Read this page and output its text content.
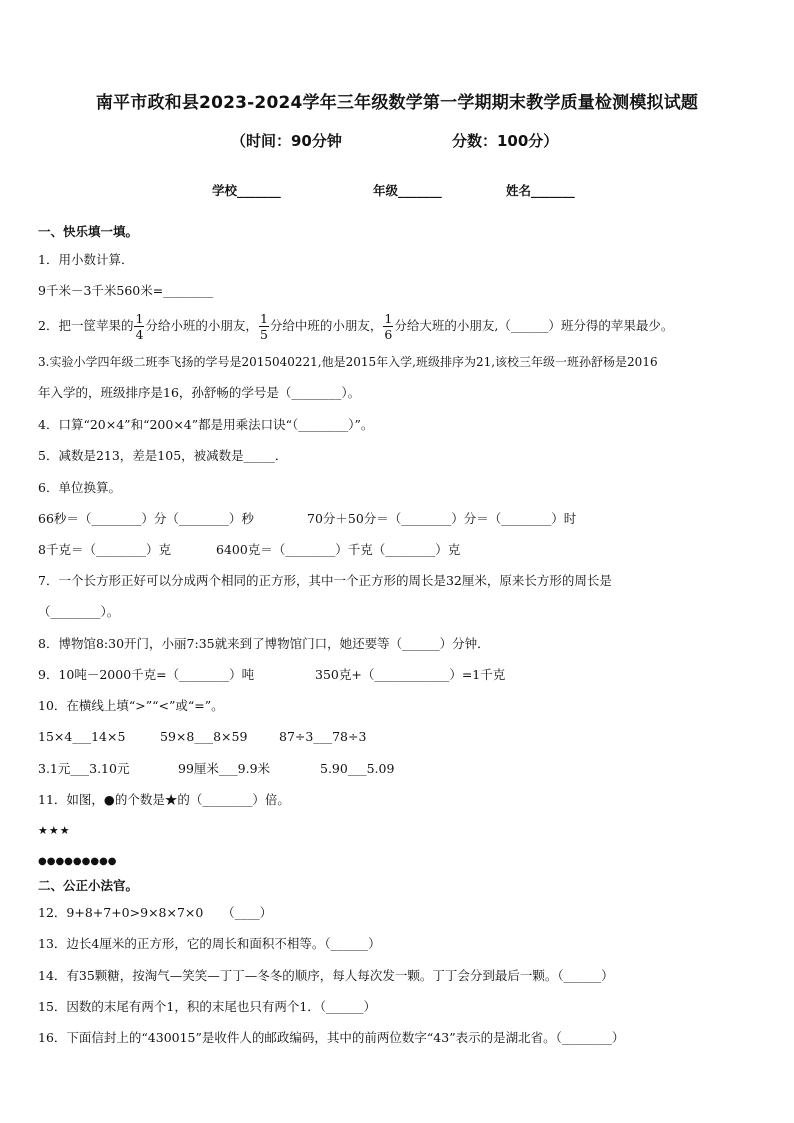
南平市政和县2023-2024学年三年级数学第一学期期末教学质量检测模拟试题
（时间：90分钟	分数：100分）
学校_______	年级_______	姓名_______
一、快乐填一填。
1．用小数计算．
9千米－3千米560米=________
2．把一筐苹果的 $\frac{1}{4}$ 分给小班的小朋友， $\frac{1}{5}$ 分给中班的小朋友， $\frac{1}{6}$ 分给大班的小朋友,（______）班分得的苹果最少。
3.实验小学四年级二班李飞扬的学号是2015040221,他是2015年入学,班级排序为21,该校三年级一班孙舒杨是2016
年入学的，班级排序是16，孙舒畅的学号是（________）。
4．口算“20×4”和“200×4”都是用乘法口诀“（________）”。
5．减数是213，差是105，被减数是_____．
6．单位换算。
66秒＝（________）分（________）秒	70分＋50分＝（________）分＝（________）时
8千克＝（________）克	6400克＝（________）千克（________）克
7．一个长方形正好可以分成两个相同的正方形，其中一个正方形的周长是32厘米，原来长方形的周长是
（________）。
8．博物馆8:30开门，小丽7:35就来到了博物馆门口，她还要等（______）分钟．
9．10吨－2000千克=（________）吨	350克+（____________）=1千克
10．在横线上填“>”“<”或“=”。
15×4___14×5	59×8___8×59	87÷3___78÷3
3.1元___3.10元	99厘米___9.9米	5.90___5.09
11．如图，●的个数是★的（________）倍。
★★★
●●●●●●●●●
二、公正小法官。
12．9+8+7+0>9×8×7×0　　（____）
13．边长4厘米的正方形，它的周长和面积不相等。（______）
14．有35颗糖，按淘气—笑笑—丁丁—冬冬的顺序，每人每次发一颗。丁丁会分到最后一颗。（______）
15．因数的末尾有两个1，积的末尾也只有两个1．（______）
16．下面信封上的“430015”是收件人的邮政编码，其中的前两位数字“43”表示的是湖北省。（________）
